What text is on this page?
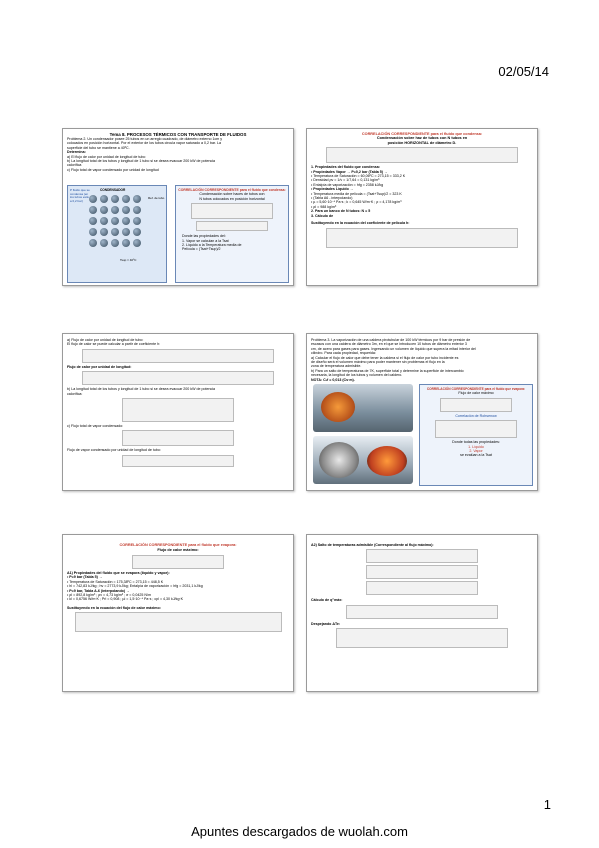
02/05/14
Tema 8. PROCESOS TÉRMICOS CON TRANSPORTE DE FLUIDOS
Problema 2. Un condensador posee 25 tubos en un arreglo cuadrado, de diámetro externo 1cm y
colocados en posición horizontal. Por el exterior de los tubos circula vapor saturado a 0,2 bar. La
superficie del tubo se mantiene a 40ºC.
Determina:
a) El flujo de calor por unidad de longitud de tubo
b) La longitud total de los tubos y longitud de 1 tubo si se desea evacuar 200 kW de potencia
calorífica
c) Flujo total de vapor condensado por unidad de longitud
P fluido que se condensa (en los tubos está a 0,2 bar)
CONDENSADOR
Ref. de tubo
Tsup = 40ºC
CORRELACIÓN CORRESPONDIENTE para el fluido que condensa:
Condensación sobre haces de tubos con
N tubos colocados en posición horizontal
Donde las propiedades del:
1. Vapor se calculan a la Tsat
2. Líquido a la Temperatura media de
Película = (Tsat+Tsup)/2
CORRELACIÓN CORRESPONDIENTE para el fluido que condensa:
Condensación sobre haz de tubos con N tubos en
posición HORIZONTAL de diámetro D.
1. Propiedades del fluido que condensa:
• Propiedades Vapor → P=0,2 bar (Tabla 5) →
• Temperatura de Saturación = 60,06ºC = 273,15 = 333,2 K
• Densidad ρv = 1/v = 1/7,64 = 0,131 kg/m³
• Entalpía de vaporización = hfg = 2358 kJ/kg
• Propiedades Líquido →
• Temperatura media de película = (Tsat+Tsup)/2 = 323 K
• (Tabla A6 - interpolando)
• µ = 5,60·10⁻⁴ Pa·s ; k = 0,645 W/m·K ; ρ = 4,178 kg/m³
• ρl = 988 kg/m³
2. Para un banco de N tubos: N = 5
3. Cálculo de
Sustituyendo en la ecuación del coeficiente de película h:
a) Flujo de calor por unidad de longitud de tubo:
El flujo de calor se puede calcular a partir de coeficiente h:
Flujo de calor por unidad de longitud:
b) La longitud total de los tubos y longitud de 1 tubo si se desea evacuar 200 kW de potencia
calorífica:
c) Flujo total de vapor condensado:
Flujo de vapor condensado por unidad de longitud de tubo:
Problema 3. La vaporización de una caldera pirotubular de 100 kW térmicos por 9 bar de presión de
escasos con una caldera de diámetro 3m, en el que se introducen 10 tubos de diámetro exterior 3
cm, de acero para gases para gases. Ingresando un volumen de líquido que supera la mitad interior del
cilindro. Para cada propiedad, requerida:
a) Calcular el flujo de calor que debe tener la caldera si el flujo de calor por tubo incidente es
de diseño será el volumen máximo para poder mantener sin problemas el flujo en la
zona de temperatura admisible.
b) Para un salto de temperaturas de 7K, superficie total y determine la superficie de intercambio
necesaria, la longitud de los tubos y volumen del caldero.
NOTA: Cₛf = 0,013 (Cs·m).
CORRELACIÓN CORRESPONDIENTE para el fluido que evapora:
Flujo de calor máximo
Correlación de Rohsenow
Donde todas las propiedades:
1. Líquido
2. Vapor
se evalúan a la Tsat
CORRELACIÓN CORRESPONDIENTE para el fluido que evapora:
Flujo de calor máximo:
A1) Propiedades del fluido que se evapora (líquido y vapor):
• P=9 bar (Tabla 5) →
• Temperatura de Saturación = 175,38ºC = 273,15 = 448,5 K
• hl = 742,83 kJ/kg ; hv = 2773,9 kJ/kg; Entalpía de vaporización = hfg = 2031,1 kJ/kg
• P=9 bar, Tabla A-6 (interpolando) →
• ρl = 892,8 kg/m³ ; ρv = 4,73 kg/m³ ; σ = 0,0425 N/m
• kl = 0,6756 W/m·K ; Prl = 0,908 ; µl = 1,5·10⁻⁴ Pa·s ; cpl = 4,30 kJ/kg·K
Sustituyendo en la ecuación del flujo de calor máximo:
A2) Salto de temperaturas admisible (Correspondiente al flujo máximo):
Cálculo de q''máx:
Despejando ΔTe:
1
Apuntes descargados de wuolah.com
